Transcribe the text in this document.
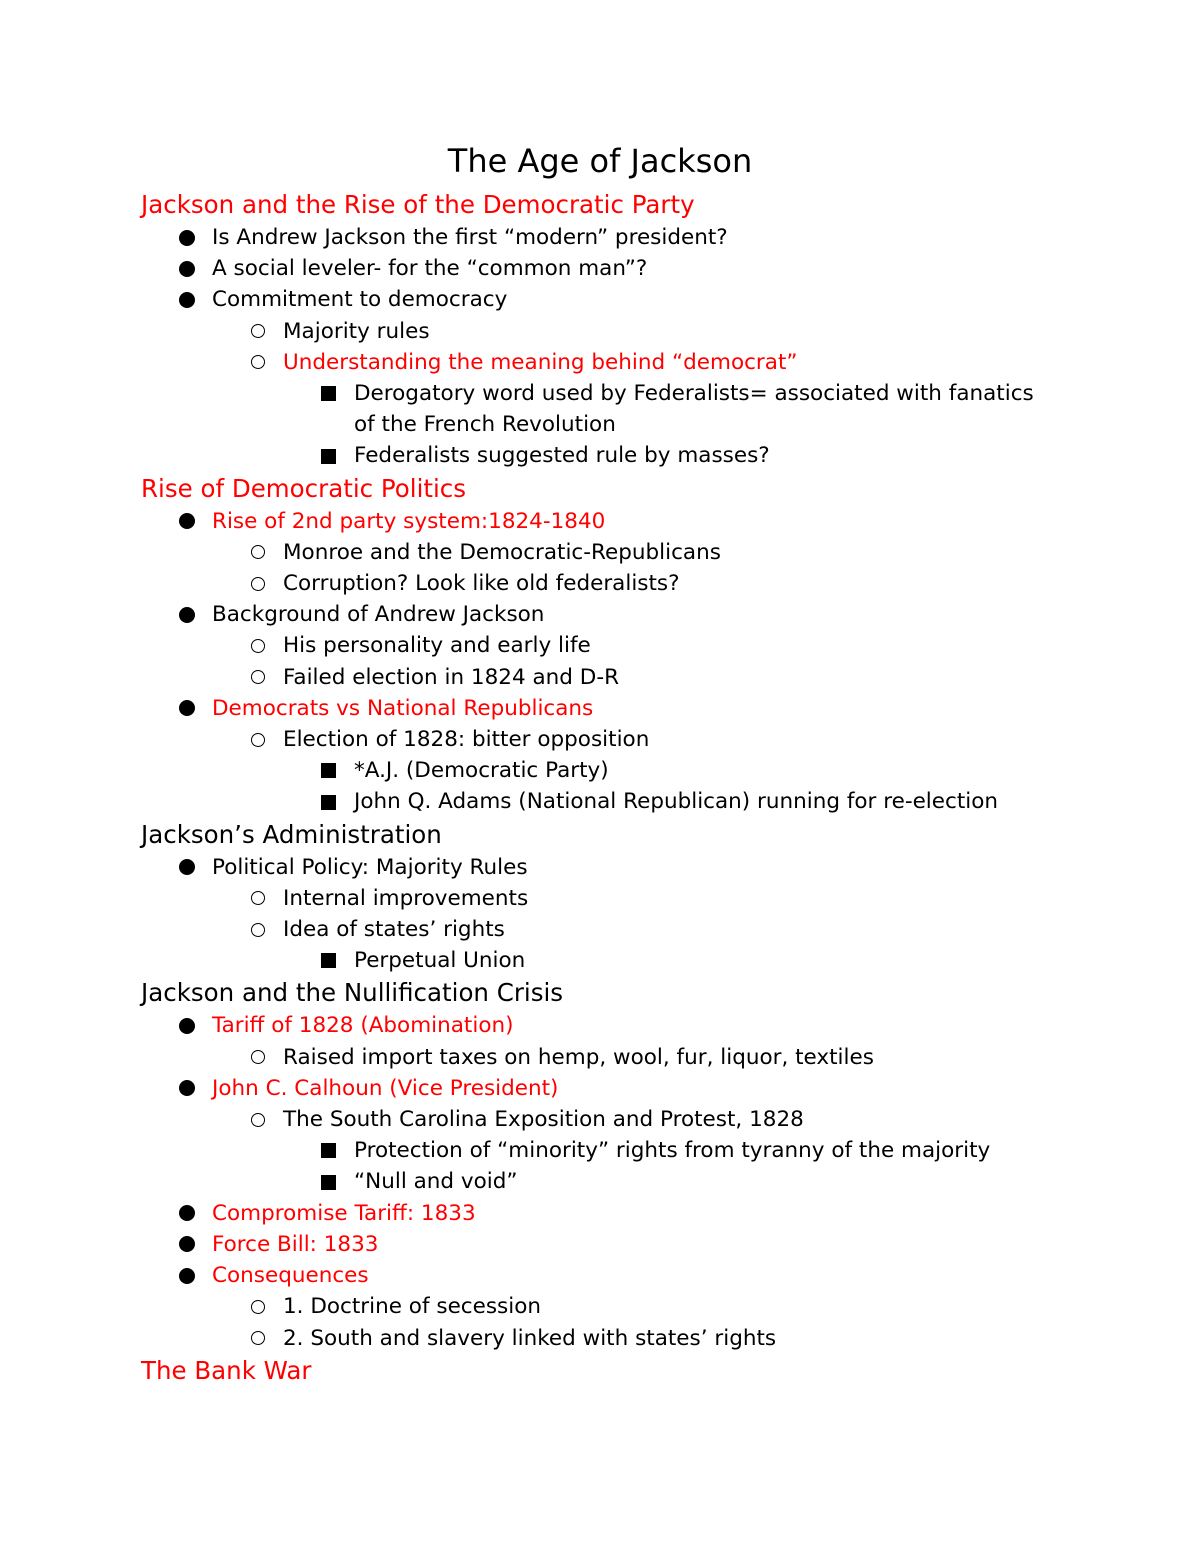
The Age of Jackson
Jackson and the Rise of the Democratic Party
Is Andrew Jackson the first “modern” president?
A social leveler- for the “common man”?
Commitment to democracy
Majority rules
Understanding the meaning behind “democrat”
Derogatory word used by Federalists= associated with fanatics of the French Revolution
Federalists suggested rule by masses?
Rise of Democratic Politics
Rise of 2nd party system:1824-1840
Monroe and the Democratic-Republicans
Corruption? Look like old federalists?
Background of Andrew Jackson
His personality and early life
Failed election in 1824 and D-R
Democrats vs National Republicans
Election of 1828: bitter opposition
*A.J. (Democratic Party)
John Q. Adams (National Republican) running for re-election
Jackson’s Administration
Political Policy: Majority Rules
Internal improvements
Idea of states’ rights
Perpetual Union
Jackson and the Nullification Crisis
Tariff of 1828 (Abomination)
Raised import taxes on hemp, wool, fur, liquor, textiles
John C. Calhoun (Vice President)
The South Carolina Exposition and Protest, 1828
Protection of “minority” rights from tyranny of the majority
“Null and void”
Compromise Tariff: 1833
Force Bill: 1833
Consequences
1. Doctrine of secession
2. South and slavery linked with states’ rights
The Bank War
